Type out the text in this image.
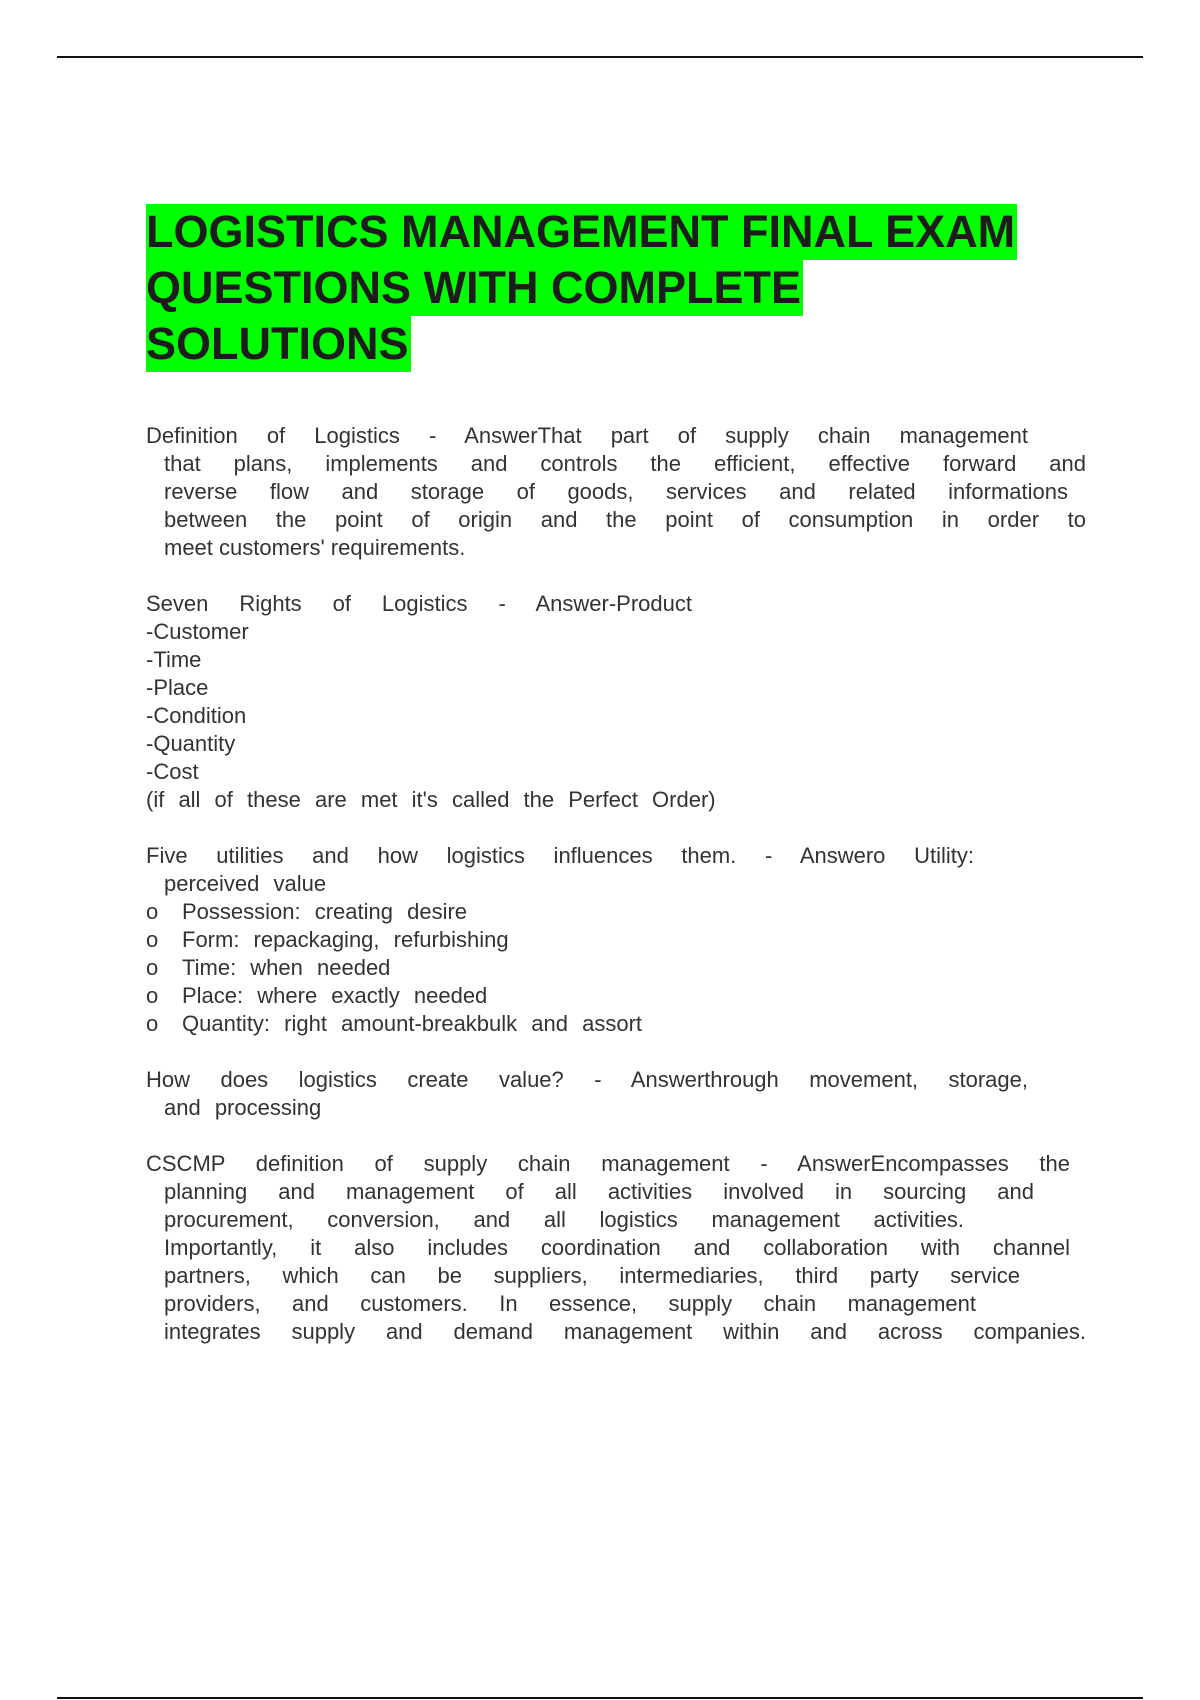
LOGISTICS MANAGEMENT FINAL EXAM
QUESTIONS WITH COMPLETE
SOLUTIONS
Definition of Logistics - AnswerThat part of supply chain management
that plans, implements and controls the efficient, effective forward and
reverse flow and storage of goods, services and related informations
between the point of origin and the point of consumption in order to
meet customers' requirements.
Seven Rights of Logistics - Answer-Product
-Customer
-Time
-Place
-Condition
-Quantity
-Cost
(if all of these are met it's called the Perfect Order)
Five utilities and how logistics influences them. - Answero Utility:
perceived value
o Possession: creating desire
o Form: repackaging, refurbishing
o Time: when needed
o Place: where exactly needed
o Quantity: right amount-breakbulk and assort
How does logistics create value? - Answerthrough movement, storage,
and processing
CSCMP definition of supply chain management - AnswerEncompasses the
planning and management of all activities involved in sourcing and
procurement, conversion, and all logistics management activities.
Importantly, it also includes coordination and collaboration with channel
partners, which can be suppliers, intermediaries, third party service
providers, and customers. In essence, supply chain management
integrates supply and demand management within and across companies.
